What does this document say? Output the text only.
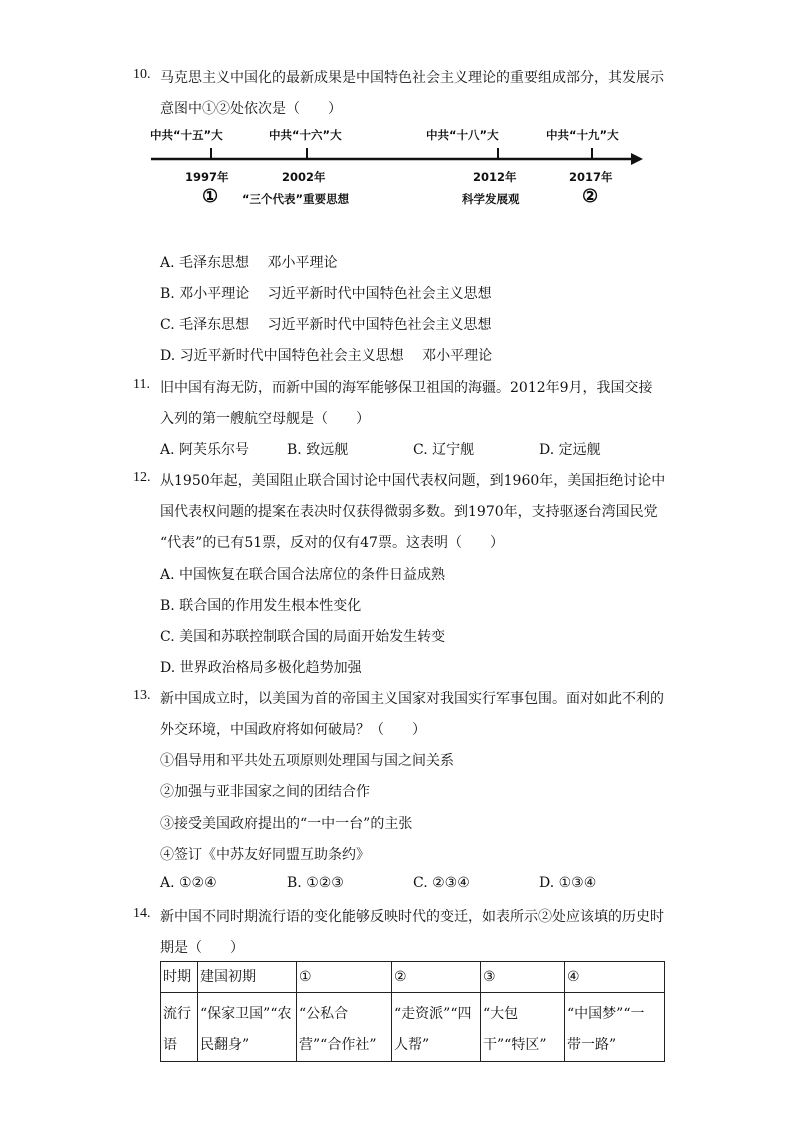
10. 马克思主义中国化的最新成果是中国特色社会主义理论的重要组成部分，其发展示
意图中①②处依次是（　　）
中共“十五”大	中共“十六”大	中共“十八”大	中共“十九”大
1997年	2002年	2012年	2017年
① “三个代表”重要思想	科学发展观	②
A. 毛泽东思想　 邓小平理论
B. 邓小平理论　 习近平新时代中国特色社会主义思想
C. 毛泽东思想　 习近平新时代中国特色社会主义思想
D. 习近平新时代中国特色社会主义思想　 邓小平理论
11. 旧中国有海无防，而新中国的海军能够保卫祖国的海疆。2012年9月，我国交接
入列的第一艘航空母舰是（　　）
A. 阿芙乐尔号	B. 致远舰	C. 辽宁舰	D. 定远舰
12. 从1950年起，美国阻止联合国讨论中国代表权问题，到1960年，美国拒绝讨论中
国代表权问题的提案在表决时仅获得微弱多数。到1970年，支持驱逐台湾国民党
“代表”的已有51票，反对的仅有47票。这表明（　　）
A. 中国恢复在联合国合法席位的条件日益成熟
B. 联合国的作用发生根本性变化
C. 美国和苏联控制联合国的局面开始发生转变
D. 世界政治格局多极化趋势加强
13. 新中国成立时，以美国为首的帝国主义国家对我国实行军事包围。面对如此不利的
外交环境，中国政府将如何破局？（　　）
①倡导用和平共处五项原则处理国与国之间关系
②加强与亚非国家之间的团结合作
③接受美国政府提出的“一中一台”的主张
④签订《中苏友好同盟互助条约》
A. ①②④	B. ①②③	C. ②③④	D. ①③④
14. 新中国不同时期流行语的变化能够反映时代的变迁，如表所示②处应该填的历史时
期是（　　）
时期	建国初期	①	②	③	④
流行
语	“保家卫国”“农
民翻身”	“公私合
营”“合作社”	“走资派”“四
人帮”	“大包
干”“特区”	“中国梦”“一
带一路”
